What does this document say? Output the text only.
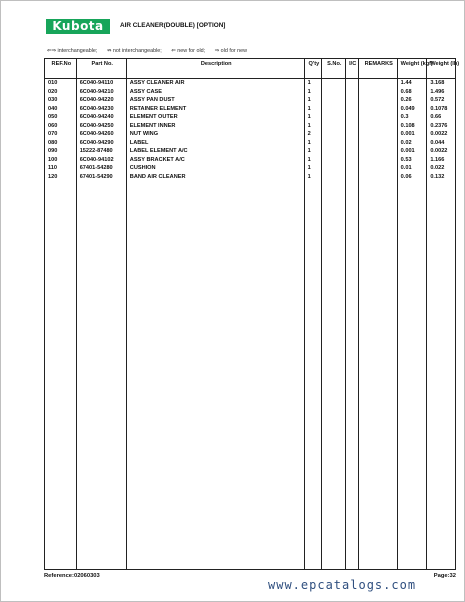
Kubota	AIR CLEANER(DOUBLE) [OPTION]
⇐⇒ interchangeable; ⇏ not interchangeable; ⇐ new for old; ⇒ old for new
REF.No	Part No.	Description	Q'ty	S.No.	I/C	REMARKS	Weight (kgf)	Weight (lb)
010	6C040-94110	ASSY CLEANER AIR	1				1.44	3.168
020	6C040-94210	ASSY CASE	1				0.68	1.496
030	6C040-94220	ASSY PAN DUST	1				0.26	0.572
040	6C040-94230	RETAINER ELEMENT	1				0.049	0.1078
050	6C040-94240	ELEMENT OUTER	1				0.3	0.66
060	6C040-94250	ELEMENT INNER	1				0.108	0.2376
070	6C040-94260	NUT WING	2				0.001	0.0022
080	6C040-94290	LABEL	1				0.02	0.044
090	15222-87480	LABEL ELEMENT A/C	1				0.001	0.0022
100	6C040-94102	ASSY BRACKET A/C	1				0.53	1.166
110	67401-54280	CUSHION	1				0.01	0.022
120	67401-54290	BAND AIR CLEANER	1				0.06	0.132

Reference:02060303
www.epcatalogs.com
Page:32
